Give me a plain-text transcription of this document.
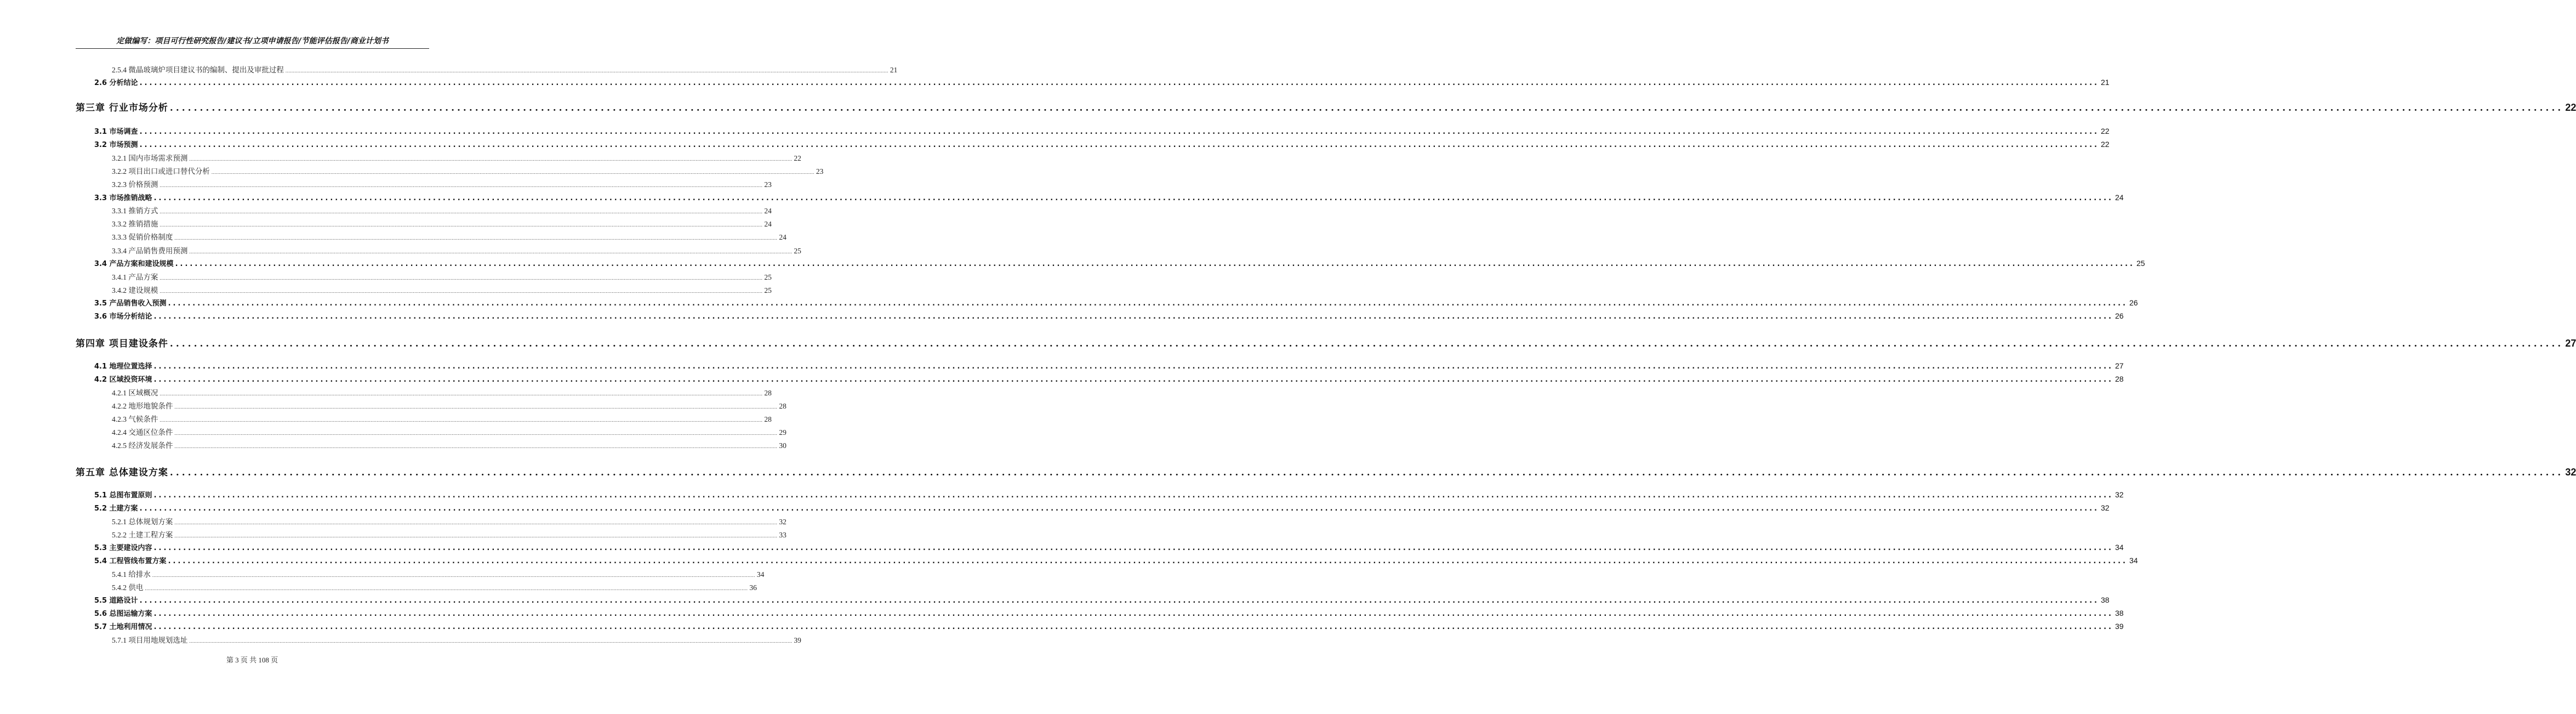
定做编写：项目可行性研究报告/建议书/立项申请报告/节能评估报告/商业计划书
2.5.4 微晶玻璃炉项目建议书的编制、提出及审批过程 ................................................................................................................................................................................................................................................................................................................................................................................................................ 21
2.6 分析结论 ................................................................................................................................................................................................................................................................................................................................................................................................................ 21
第三章 行业市场分析 ................................................................................................................................................................................................................................................................................................................................................................................................................ 22
3.1 市场调查 ................................................................................................................................................................................................................................................................................................................................................................................................................ 22
3.2 市场预测 ................................................................................................................................................................................................................................................................................................................................................................................................................ 22
3.2.1 国内市场需求预测 ................................................................................................................................................................................................................................................................................................................................................................................................................ 22
3.2.2 项目出口或进口替代分析 ................................................................................................................................................................................................................................................................................................................................................................................................................ 23
3.2.3 价格预测 ................................................................................................................................................................................................................................................................................................................................................................................................................ 23
3.3 市场推销战略 ................................................................................................................................................................................................................................................................................................................................................................................................................ 24
3.3.1 推销方式 ................................................................................................................................................................................................................................................................................................................................................................................................................ 24
3.3.2 推销措施 ................................................................................................................................................................................................................................................................................................................................................................................................................ 24
3.3.3 促销价格制度 ................................................................................................................................................................................................................................................................................................................................................................................................................ 24
3.3.4 产品销售费用预测 ................................................................................................................................................................................................................................................................................................................................................................................................................ 25
3.4 产品方案和建设规模 ................................................................................................................................................................................................................................................................................................................................................................................................................ 25
3.4.1 产品方案 ................................................................................................................................................................................................................................................................................................................................................................................................................ 25
3.4.2 建设规模 ................................................................................................................................................................................................................................................................................................................................................................................................................ 25
3.5 产品销售收入预测 ................................................................................................................................................................................................................................................................................................................................................................................................................ 26
3.6 市场分析结论 ................................................................................................................................................................................................................................................................................................................................................................................................................ 26
第四章 项目建设条件 ................................................................................................................................................................................................................................................................................................................................................................................................................ 27
4.1 地理位置选择 ................................................................................................................................................................................................................................................................................................................................................................................................................ 27
4.2 区域投资环境 ................................................................................................................................................................................................................................................................................................................................................................................................................ 28
4.2.1 区域概况 ................................................................................................................................................................................................................................................................................................................................................................................................................ 28
4.2.2 地形地貌条件 ................................................................................................................................................................................................................................................................................................................................................................................................................ 28
4.2.3 气候条件 ................................................................................................................................................................................................................................................................................................................................................................................................................ 28
4.2.4 交通区位条件 ................................................................................................................................................................................................................................................................................................................................................................................................................ 29
4.2.5 经济发展条件 ................................................................................................................................................................................................................................................................................................................................................................................................................ 30
第五章 总体建设方案 ................................................................................................................................................................................................................................................................................................................................................................................................................ 32
5.1 总图布置原则 ................................................................................................................................................................................................................................................................................................................................................................................................................ 32
5.2 土建方案 ................................................................................................................................................................................................................................................................................................................................................................................................................ 32
5.2.1 总体规划方案 ................................................................................................................................................................................................................................................................................................................................................................................................................ 32
5.2.2 土建工程方案 ................................................................................................................................................................................................................................................................................................................................................................................................................ 33
5.3 主要建设内容 ................................................................................................................................................................................................................................................................................................................................................................................................................ 34
5.4 工程管线布置方案 ................................................................................................................................................................................................................................................................................................................................................................................................................ 34
5.4.1 给排水 ................................................................................................................................................................................................................................................................................................................................................................................................................ 34
5.4.2 供电 ................................................................................................................................................................................................................................................................................................................................................................................................................ 36
5.5 道路设计 ................................................................................................................................................................................................................................................................................................................................................................................................................ 38
5.6 总图运输方案 ................................................................................................................................................................................................................................................................................................................................................................................................................ 38
5.7 土地利用情况 ................................................................................................................................................................................................................................................................................................................................................................................................................ 39
5.7.1 项目用地规划选址 ................................................................................................................................................................................................................................................................................................................................................................................................................ 39
第 3 页 共 108 页
